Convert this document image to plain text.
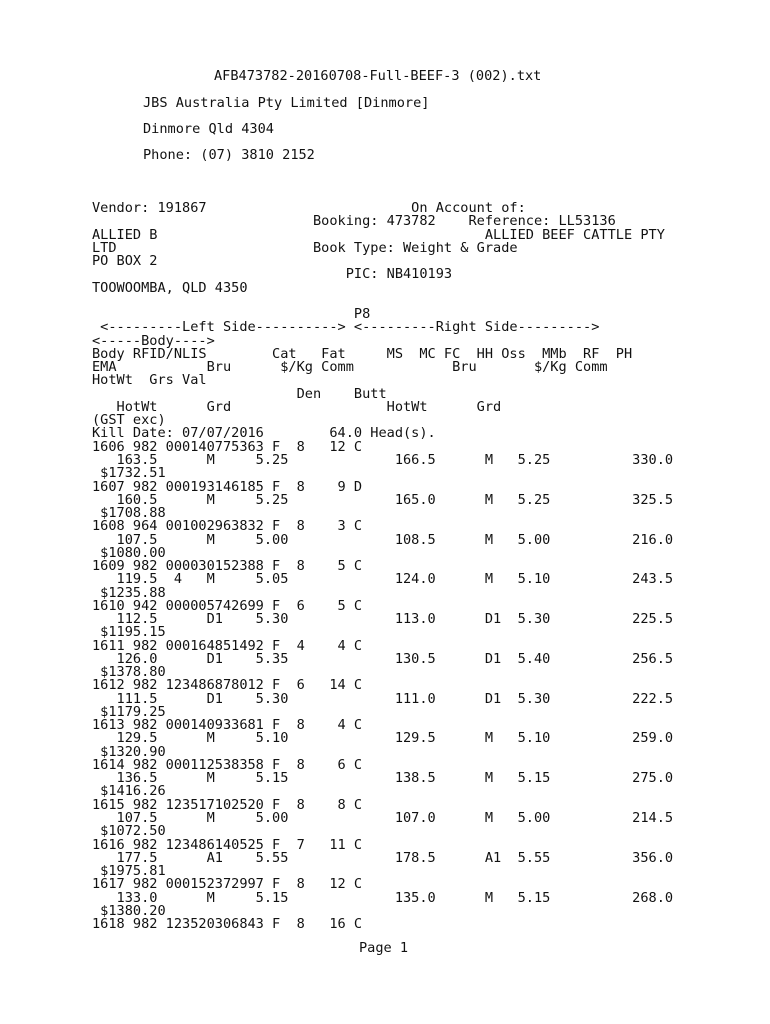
AFB473782-20160708-Full-BEEF-3 (002).txt
JBS Australia Pty Limited [Dinmore]
Dinmore Qld 4304
Phone: (07) 3810 2152
Vendor: 191867                         On Account of:
Booking: 473782    Reference: LL53136
ALLIED B                                        ALLIED BEEF CATTLE PTY
LTD                        Book Type: Weight & Grade
PO BOX 2
PIC: NB410193
TOOWOOMBA, QLD 4350
P8
<---------Left Side----------> <---------Right Side--------->
<-----Body---->
Body RFID/NLIS        Cat   Fat     MS  MC FC  HH Oss  MMb  RF  PH
EMA           Bru      $/Kg Comm            Bru       $/Kg Comm
HotWt  Grs Val
Den    Butt
HotWt      Grd                   HotWt      Grd
(GST exc)
Kill Date: 07/07/2016        64.0 Head(s).
1606 982 000140775363 F  8   12 C
163.5      M     5.25             166.5      M   5.25          330.0
$1732.51
1607 982 000193146185 F  8    9 D
160.5      M     5.25             165.0      M   5.25          325.5
$1708.88
1608 964 001002963832 F  8    3 C
107.5      M     5.00             108.5      M   5.00          216.0
$1080.00
1609 982 000030152388 F  8    5 C
119.5  4   M     5.05             124.0      M   5.10          243.5
$1235.88
1610 942 000005742699 F  6    5 C
112.5      D1    5.30             113.0      D1  5.30          225.5
$1195.15
1611 982 000164851492 F  4    4 C
126.0      D1    5.35             130.5      D1  5.40          256.5
$1378.80
1612 982 123486878012 F  6   14 C
111.5      D1    5.30             111.0      D1  5.30          222.5
$1179.25
1613 982 000140933681 F  8    4 C
129.5      M     5.10             129.5      M   5.10          259.0
$1320.90
1614 982 000112538358 F  8    6 C
136.5      M     5.15             138.5      M   5.15          275.0
$1416.26
1615 982 123517102520 F  8    8 C
107.5      M     5.00             107.0      M   5.00          214.5
$1072.50
1616 982 123486140525 F  7   11 C
177.5      A1    5.55             178.5      A1  5.55          356.0
$1975.81
1617 982 000152372997 F  8   12 C
133.0      M     5.15             135.0      M   5.15          268.0
$1380.20
1618 982 123520306843 F  8   16 C
Page 1
